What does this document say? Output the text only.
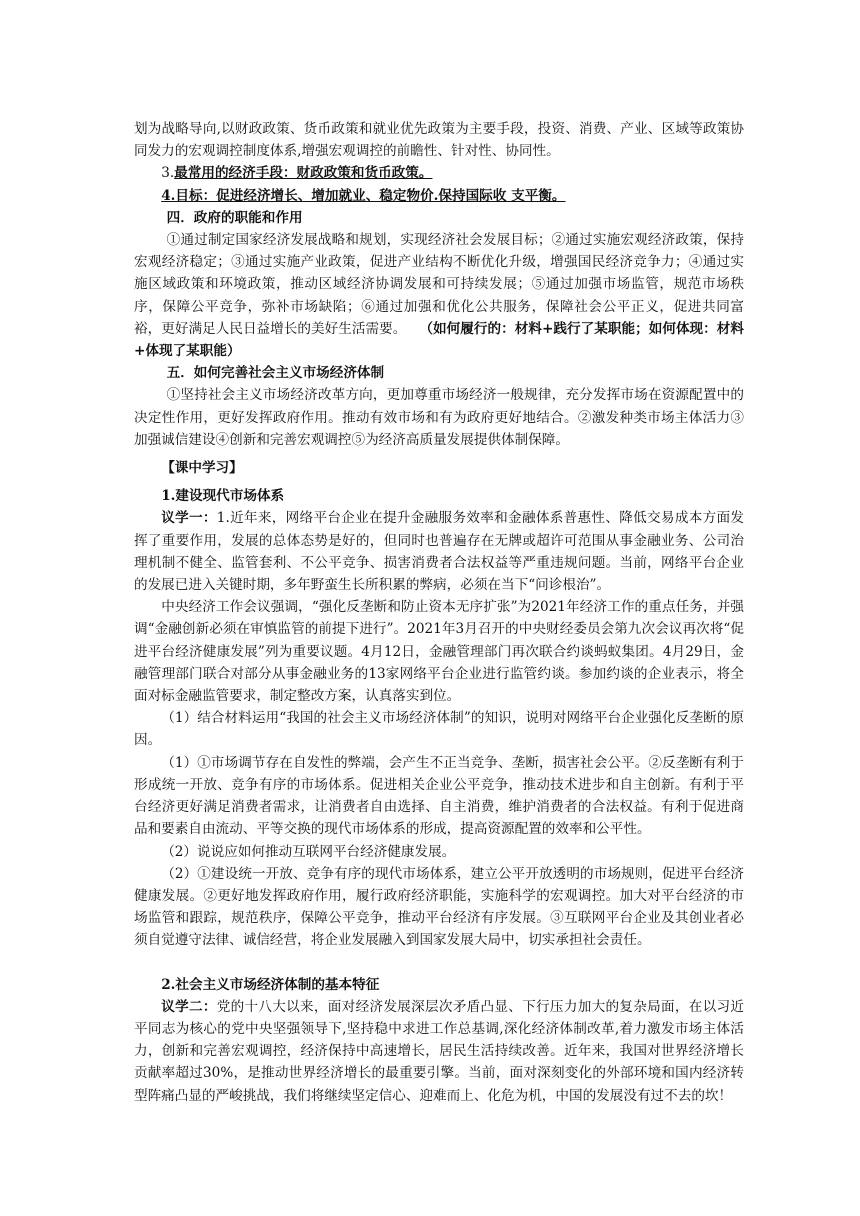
划为战略导向,以财政政策、货币政策和就业优先政策为主要手段，投资、消费、产业、区域等政策协同发力的宏观调控制度体系,增强宏观调控的前瞻性、针对性、协同性。

3.最常用的经济手段：财政政策和货币政策。

4.目标：促进经济增长、增加就业、稳定物价.保持国际收 支平衡。

四．政府的职能和作用

①通过制定国家经济发展战略和规划，实现经济社会发展目标；②通过实施宏观经济政策，保持宏观经济稳定；③通过实施产业政策，促进产业结构不断优化升级，增强国民经济竞争力；④通过实施区域政策和环境政策，推动区域经济协调发展和可持续发展；⑤通过加强市场监管，规范市场秩序，保障公平竞争，弥补市场缺陷；⑥通过加强和优化公共服务，保障社会公平正义，促进共同富裕，更好满足人民日益增长的美好生活需要。 （如何履行的：材料+践行了某职能；如何体现：材料+体现了某职能）

五．如何完善社会主义市场经济体制

①坚持社会主义市场经济改革方向，更加尊重市场经济一般规律，充分发挥市场在资源配置中的决定性作用，更好发挥政府作用。推动有效市场和有为政府更好地结合。②激发种类市场主体活力③加强诚信建设④创新和完善宏观调控⑤为经济高质量发展提供体制保障。

【课中学习】

1.建设现代市场体系

议学一：1.近年来，网络平台企业在提升金融服务效率和金融体系普惠性、降低交易成本方面发挥了重要作用，发展的总体态势是好的，但同时也普遍存在无牌或超许可范围从事金融业务、公司治理机制不健全、监管套利、不公平竞争、损害消费者合法权益等严重违规问题。当前，网络平台企业的发展已进入关键时期，多年野蛮生长所积累的弊病，必须在当下“问诊根治”。

中央经济工作会议强调，“强化反垄断和防止资本无序扩张”为2021年经济工作的重点任务，并强调“金融创新必须在审慎监管的前提下进行”。2021年3月召开的中央财经委员会第九次会议再次将“促进平台经济健康发展”列为重要议题。4月12日，金融管理部门再次联合约谈蚂蚁集团。4月29日，金融管理部门联合对部分从事金融业务的13家网络平台企业进行监管约谈。参加约谈的企业表示，将全面对标金融监管要求，制定整改方案，认真落实到位。

（1）结合材料运用“我国的社会主义市场经济体制”的知识，说明对网络平台企业强化反垄断的原因。

（1）①市场调节存在自发性的弊端，会产生不正当竞争、垄断，损害社会公平。②反垄断有利于形成统一开放、竞争有序的市场体系。促进相关企业公平竞争，推动技术进步和自主创新。有利于平台经济更好满足消费者需求，让消费者自由选择、自主消费，维护消费者的合法权益。有利于促进商品和要素自由流动、平等交换的现代市场体系的形成，提高资源配置的效率和公平性。

（2）说说应如何推动互联网平台经济健康发展。

（2）①建设统一开放、竞争有序的现代市场体系，建立公平开放透明的市场规则，促进平台经济健康发展。②更好地发挥政府作用，履行政府经济职能，实施科学的宏观调控。加大对平台经济的市场监管和跟踪，规范秩序，保障公平竞争，推动平台经济有序发展。③互联网平台企业及其创业者必须自觉遵守法律、诚信经营，将企业发展融入到国家发展大局中，切实承担社会责任。

2.社会主义市场经济体制的基本特征

议学二：党的十八大以来，面对经济发展深层次矛盾凸显、下行压力加大的复杂局面，在以习近平同志为核心的党中央坚强领导下,坚持稳中求进工作总基调,深化经济体制改革,着力激发市场主体活力，创新和完善宏观调控，经济保持中高速增长，居民生活持续改善。近年来，我国对世界经济增长贡献率超过30%，是推动世界经济增长的最重要引擎。当前，面对深刻变化的外部环境和国内经济转型阵痛凸显的严峻挑战，我们将继续坚定信心、迎难而上、化危为机，中国的发展没有过不去的坎！
